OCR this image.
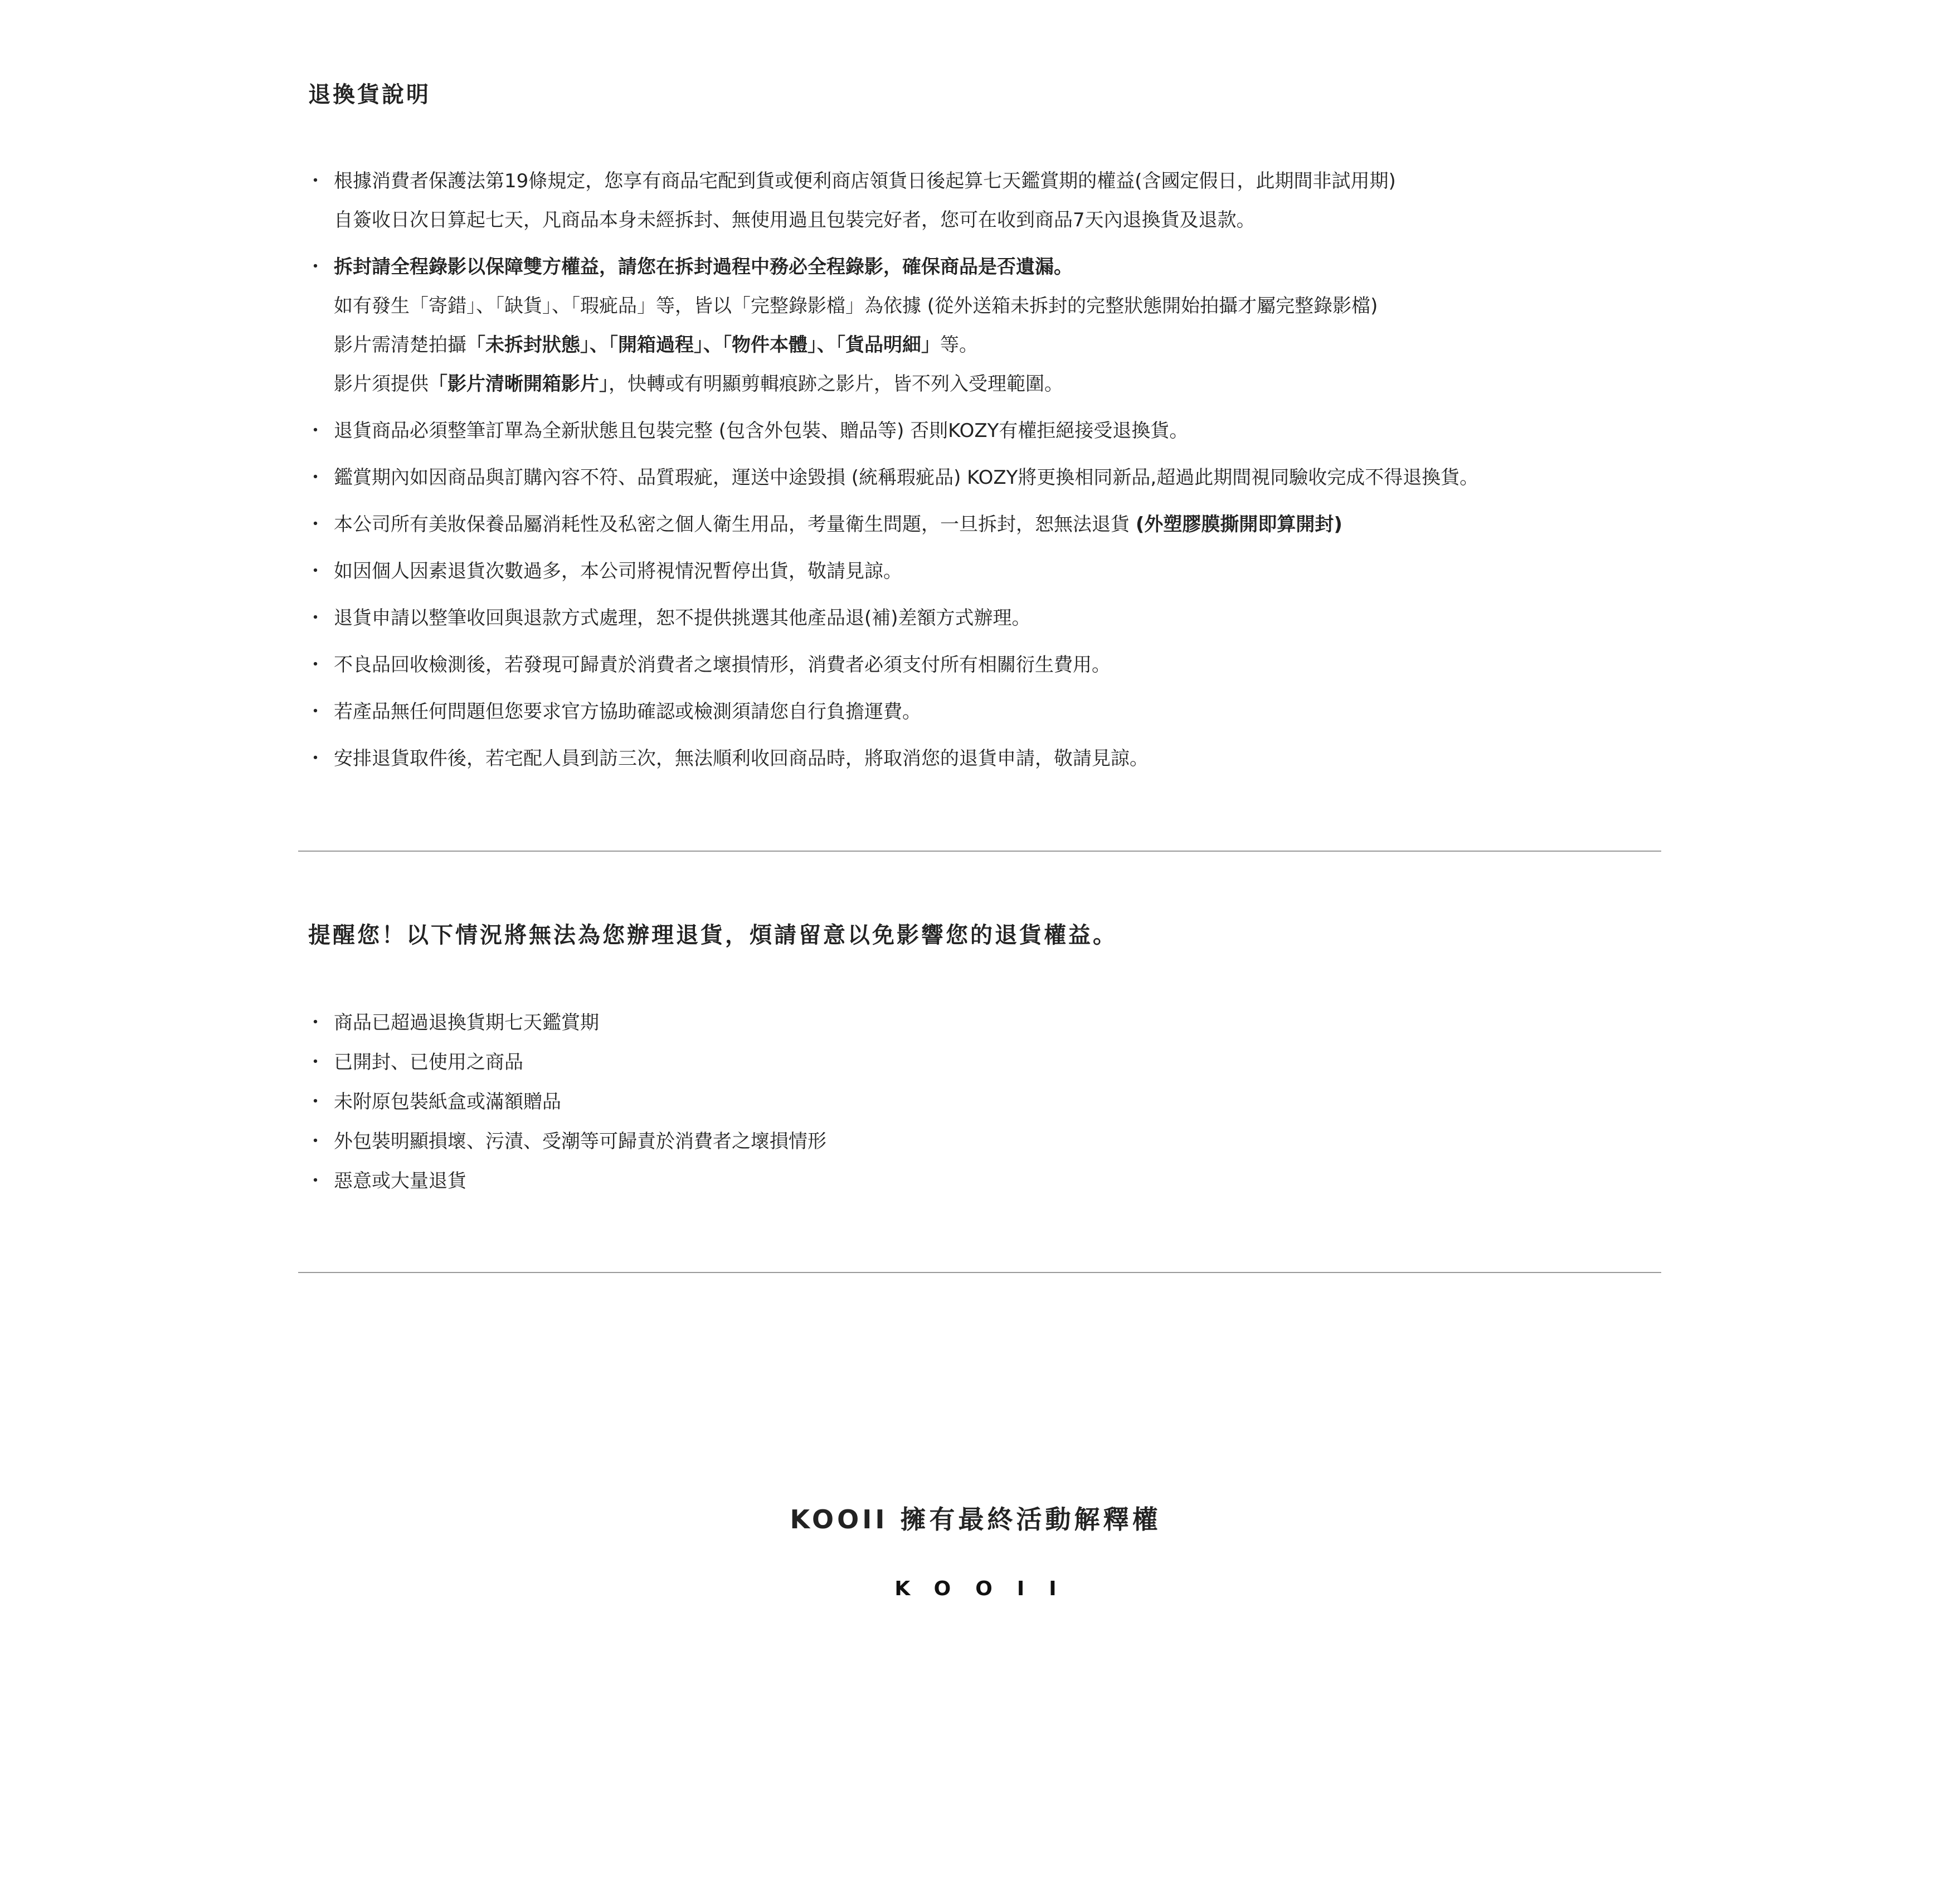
退換貨說明
・ 根據消費者保護法第19條規定，您享有商品宅配到貨或便利商店領貨日後起算七天鑑賞期的權益(含國定假日，此期間非試用期)
自簽收日次日算起七天，凡商品本身未經拆封、無使用過且包裝完好者，您可在收到商品7天內退換貨及退款。
・ 拆封請全程錄影以保障雙方權益，請您在拆封過程中務必全程錄影，確保商品是否遺漏。
如有發生「寄錯」、「缺貨」、「瑕疵品」等，皆以「完整錄影檔」為依據 (從外送箱未拆封的完整狀態開始拍攝才屬完整錄影檔)
影片需清楚拍攝「未拆封狀態」、「開箱過程」、「物件本體」、「貨品明細」等。
影片須提供「影片清晰開箱影片」，快轉或有明顯剪輯痕跡之影片，皆不列入受理範圍。
・ 退貨商品必須整筆訂單為全新狀態且包裝完整 (包含外包裝、贈品等) 否則KOZY有權拒絕接受退換貨。
・ 鑑賞期內如因商品與訂購內容不符、品質瑕疵，運送中途毀損 (統稱瑕疵品) KOZY將更換相同新品,超過此期間視同驗收完成不得退換貨。
・ 本公司所有美妝保養品屬消耗性及私密之個人衛生用品，考量衛生問題，一旦拆封，恕無法退貨 (外塑膠膜撕開即算開封)
・ 如因個人因素退貨次數過多，本公司將視情況暫停出貨，敬請見諒。
・ 退貨申請以整筆收回與退款方式處理，恕不提供挑選其他產品退(補)差額方式辦理。
・ 不良品回收檢測後，若發現可歸責於消費者之壞損情形，消費者必須支付所有相關衍生費用。
・ 若產品無任何問題但您要求官方協助確認或檢測須請您自行負擔運費。
・ 安排退貨取件後，若宅配人員到訪三次，無法順利收回商品時，將取消您的退貨申請，敬請見諒。
提醒您！以下情況將無法為您辦理退貨，煩請留意以免影響您的退貨權益。
・ 商品已超過退換貨期七天鑑賞期
・ 已開封、已使用之商品
・ 未附原包裝紙盒或滿額贈品
・ 外包裝明顯損壞、污漬、受潮等可歸責於消費者之壞損情形
・ 惡意或大量退貨
KOOII 擁有最終活動解釋權
KOOII
